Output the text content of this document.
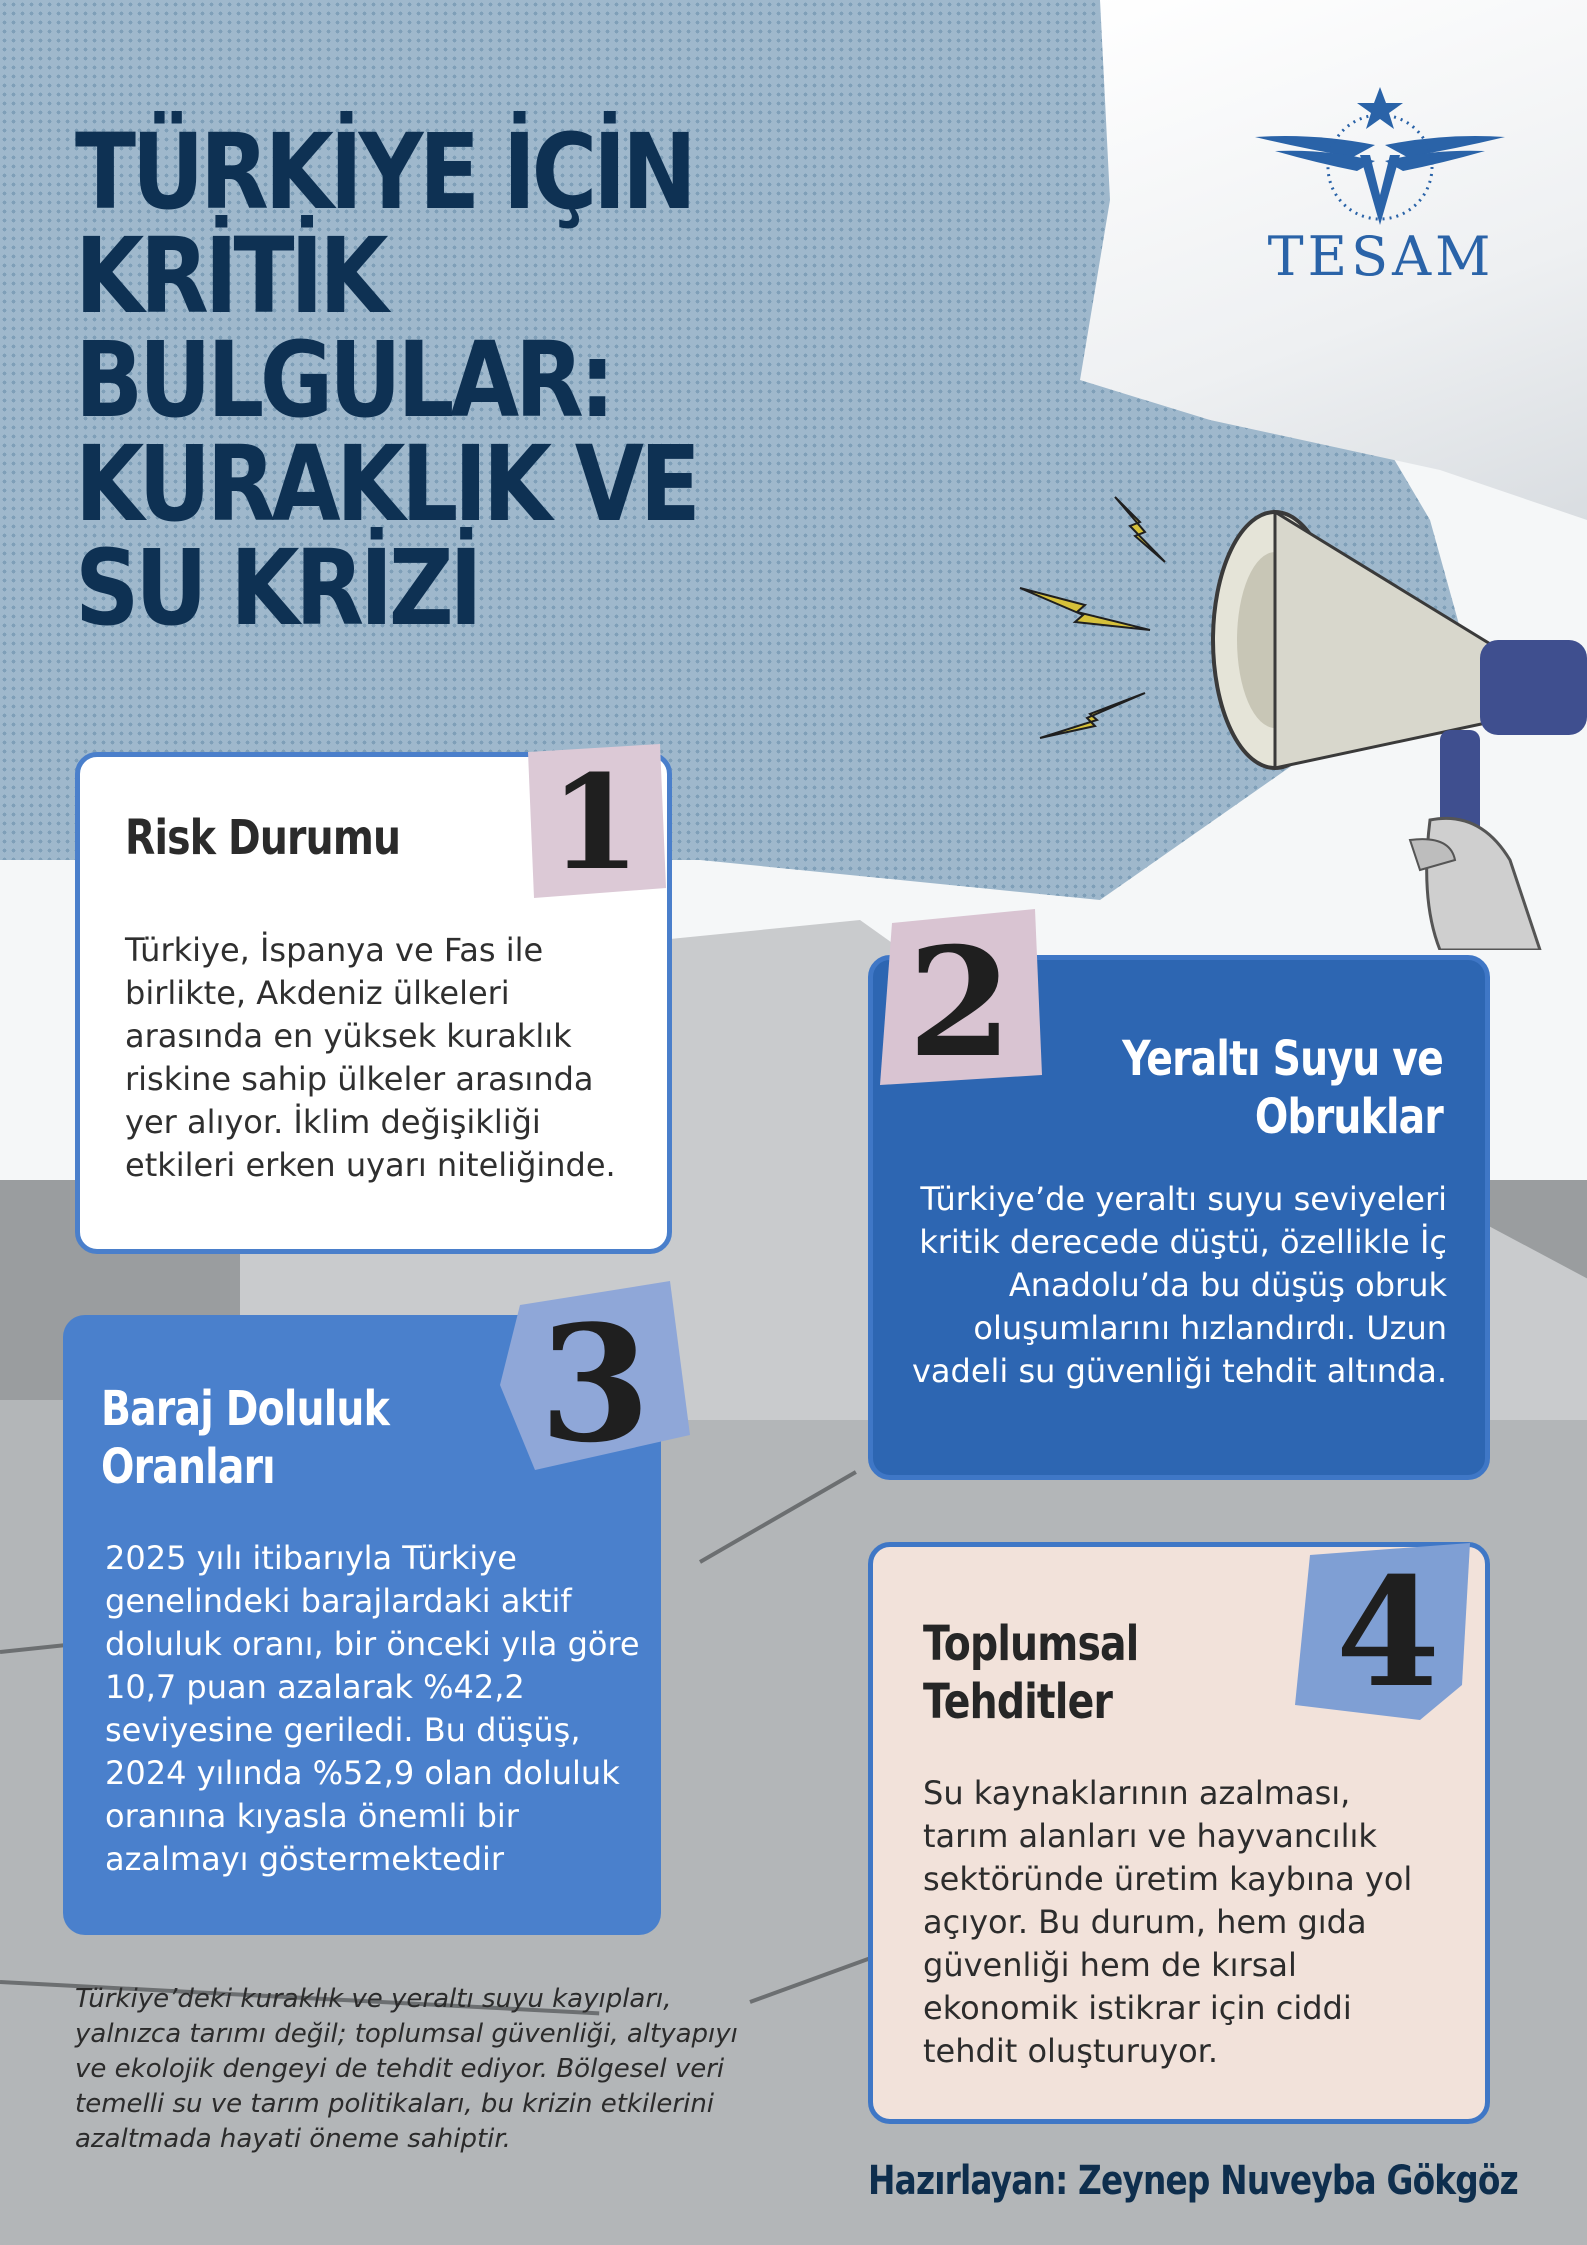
TÜRKİYE İÇİN KRİTİK
BULGULAR:
KURAKLIK VE
SU KRİZİ
TESAM
Risk Durumu

Türkiye, İspanya ve Fas ile birlikte, Akdeniz ülkeleri arasında en yüksek kuraklık riskine sahip ülkeler arasında yer alıyor. İklim değişikliği etkileri erken uyarı niteliğinde.

1
Yeraltı Suyu ve Obruklar

Türkiye’de yeraltı suyu seviyeleri kritik derecede düştü, özellikle İç Anadolu’da bu düşüş obruk oluşumlarını hızlandırdı. Uzun vadeli su güvenliği tehdit altında.

2
Baraj Doluluk Oranları

2025 yılı itibarıyla Türkiye genelindeki barajlardaki aktif doluluk oranı, bir önceki yıla göre 10,7 puan azalarak %42,2 seviyesine geriledi. Bu düşüş, 2024 yılında %52,9 olan doluluk oranına kıyasla önemli bir azalmayı göstermektedir

3
Toplumsal Tehditler

Su kaynaklarının azalması, tarım alanları ve hayvancılık sektöründe üretim kaybına yol açıyor. Bu durum, hem gıda güvenliği hem de kırsal ekonomik istikrar için ciddi tehdit oluşturuyor.

4

Türkiye’deki kuraklık ve yeraltı suyu kayıpları, yalnızca tarımı değil; toplumsal güvenliği, altyapıyı ve ekolojik dengeyi de tehdit ediyor. Bölgesel veri temelli su ve tarım politikaları, bu krizin etkilerini azaltmada hayati öneme sahiptir.

Hazırlayan: Zeynep Nuveyba Gökgöz
